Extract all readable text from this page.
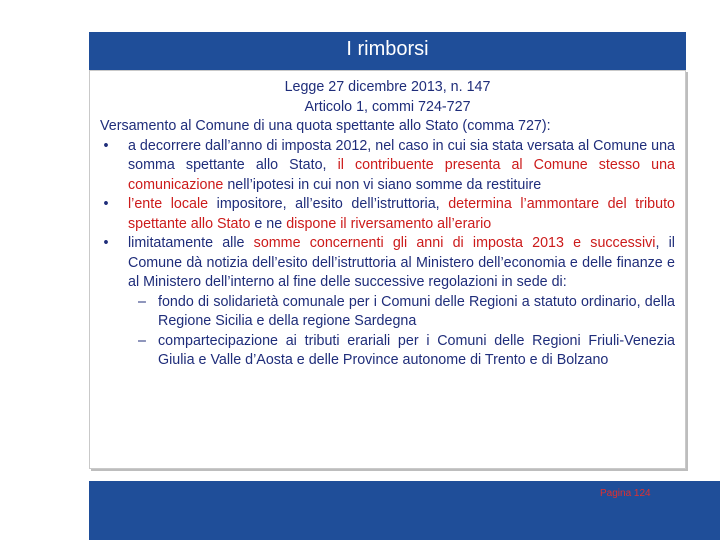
I rimborsi
Legge 27 dicembre 2013, n. 147
Articolo 1, commi 724-727
Versamento al Comune di una quota spettante allo Stato (comma 727):
• a decorrere dall’anno di imposta 2012, nel caso in cui sia stata versata al Comune una somma spettante allo Stato, il contribuente presenta al Comune stesso una comunicazione nell’ipotesi in cui non vi siano somme da restituire
• l’ente locale impositore, all’esito dell’istruttoria, determina l’ammontare del tributo spettante allo Stato e ne dispone il riversamento all’erario
• limitatamente alle somme concernenti gli anni di imposta 2013 e successivi, il Comune dà notizia dell’esito dell’istruttoria al Ministero dell’economia e delle finanze e al Ministero dell’interno al fine delle successive regolazioni in sede di:
– fondo di solidarietà comunale per i Comuni delle Regioni a statuto ordinario, della Regione Sicilia e della regione Sardegna
– compartecipazione ai tributi erariali per i Comuni delle Regioni Friuli-Venezia Giulia e Valle d’Aosta e delle Province autonome di Trento e di Bolzano
Pagina 124
